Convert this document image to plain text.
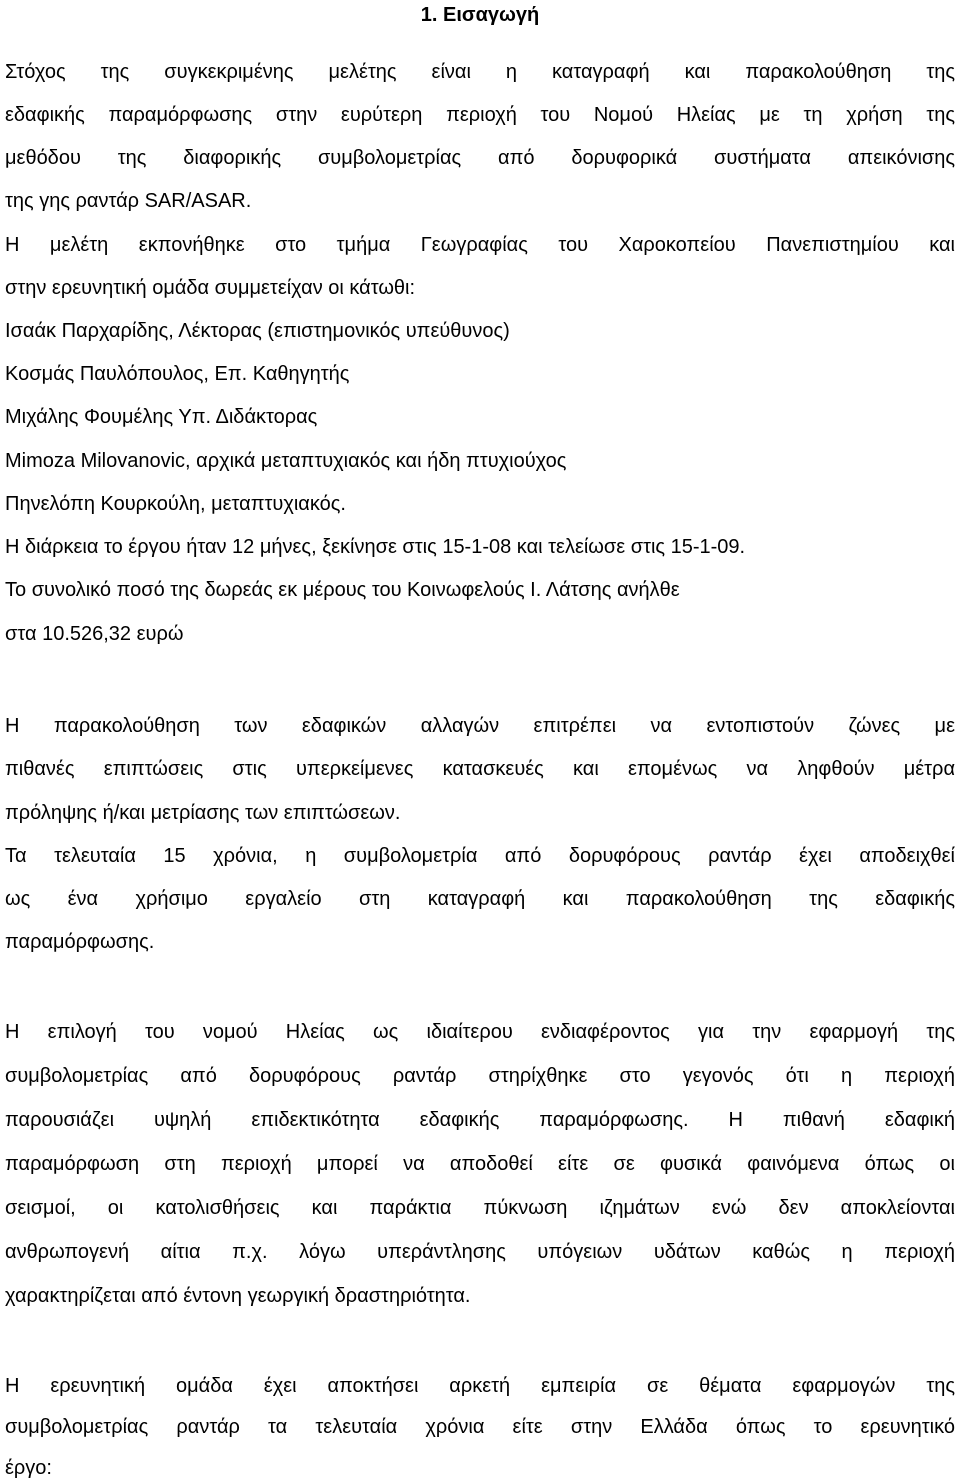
1. Εισαγωγή
Στόχος της συγκεκριμένης μελέτης είναι η καταγραφή και παρακολούθηση της
εδαφικής παραμόρφωσης στην ευρύτερη περιοχή του Νομού Ηλείας με τη χρήση της
μεθόδου της διαφορικής συμβολομετρίας από δορυφορικά συστήματα απεικόνισης
της γης ραντάρ SAR/ASAR.
Η μελέτη εκπονήθηκε στο τμήμα Γεωγραφίας του Χαροκοπείου Πανεπιστημίου και
στην ερευνητική ομάδα συμμετείχαν οι κάτωθι:
Ισαάκ Παρχαρίδης, Λέκτορας (επιστημονικός υπεύθυνος)
Κοσμάς Παυλόπουλος, Επ. Καθηγητής
Μιχάλης Φουμέλης Υπ. Διδάκτορας
Mimoza Milovanovic, αρχικά μεταπτυχιακός και ήδη πτυχιούχος
Πηνελόπη Κουρκούλη, μεταπτυχιακός.
Η διάρκεια το έργου ήταν 12 μήνες, ξεκίνησε στις 15-1-08 και τελείωσε στις 15-1-09.
Το συνολικό ποσό της δωρεάς εκ μέρους του Κοινωφελούς Ι. Λάτσης ανήλθε
στα 10.526,32 ευρώ
Η παρακολούθηση των εδαφικών αλλαγών επιτρέπει να εντοπιστούν ζώνες με
πιθανές επιπτώσεις στις υπερκείμενες κατασκευές και επομένως να ληφθούν μέτρα
πρόληψης ή/και μετρίασης των επιπτώσεων.
Τα τελευταία 15 χρόνια, η συμβολομετρία από δορυφόρους ραντάρ έχει αποδειχθεί
ως ένα χρήσιμο εργαλείο στη καταγραφή και παρακολούθηση της εδαφικής
παραμόρφωσης.
Η επιλογή του νομού Ηλείας ως ιδιαίτερου ενδιαφέροντος για την εφαρμογή της
συμβολομετρίας από δορυφόρους ραντάρ στηρίχθηκε στο γεγονός ότι η περιοχή
παρουσιάζει υψηλή επιδεκτικότητα εδαφικής παραμόρφωσης. Η πιθανή εδαφική
παραμόρφωση στη περιοχή μπορεί να αποδοθεί είτε σε φυσικά φαινόμενα όπως οι
σεισμοί, οι κατολισθήσεις και παράκτια πύκνωση ιζημάτων ενώ δεν αποκλείονται
ανθρωπογενή αίτια π.χ. λόγω υπεράντλησης υπόγειων υδάτων καθώς η περιοχή
χαρακτηρίζεται από έντονη γεωργική δραστηριότητα.
Η ερευνητική ομάδα έχει αποκτήσει αρκετή εμπειρία σε θέματα εφαρμογών της
συμβολομετρίας ραντάρ τα τελευταία χρόνια είτε στην Ελλάδα όπως το ερευνητικό
έργο:
